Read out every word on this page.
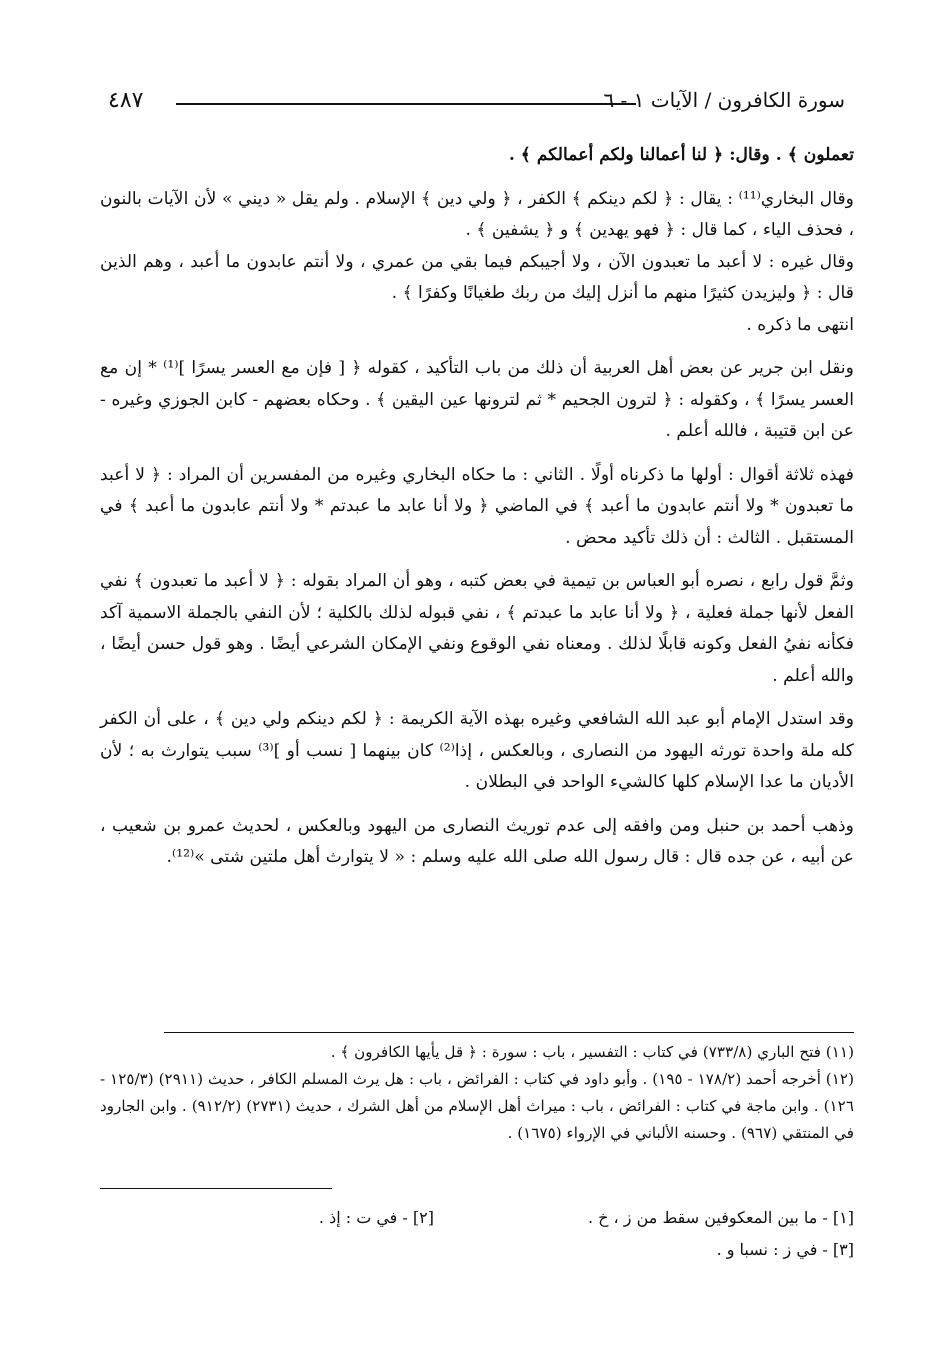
٤٨٧	سورة الكافرون / الآيات ١ - ٦

تعملون ﴾ . وقال: ﴿ لنا أعمالنا ولكم أعمالكم ﴾ .

وقال البخاري⁽¹¹⁾ : يقال : ﴿ لكم دينكم ﴾ الكفر ، ﴿ ولي دين ﴾ الإسلام . ولم يقل « ديني » لأن الآيات بالنون ، فحذف الياء ، كما قال : ﴿ فهو يهدين ﴾ و ﴿ يشفين ﴾ .
وقال غيره : لا أعبد ما تعبدون الآن ، ولا أجيبكم فيما بقي من عمري ، ولا أنتم عابدون ما أعبد ، وهم الذين قال : ﴿ وليزيدن كثيرًا منهم ما أنزل إليك من ربك طغيانًا وكفرًا ﴾ .
انتهى ما ذكره .

ونقل ابن جرير عن بعض أهل العربية أن ذلك من باب التأكيد ، كقوله ﴿ [ فإن مع العسر يسرًا ]⁽¹⁾ * إن مع العسر يسرًا ﴾ ، وكقوله : ﴿ لترون الجحيم * ثم لترونها عين اليقين ﴾ . وحكاه بعضهم - كابن الجوزي وغيره - عن ابن قتيبة ، فالله أعلم .

فهذه ثلاثة أقوال : أولها ما ذكرناه أولًا . الثاني : ما حكاه البخاري وغيره من المفسرين أن المراد : ﴿ لا أعبد ما تعبدون * ولا أنتم عابدون ما أعبد ﴾ في الماضي ﴿ ولا أنا عابد ما عبدتم * ولا أنتم عابدون ما أعبد ﴾ في المستقبل . الثالث : أن ذلك تأكيد محض .

وثمَّ قول رابع ، نصره أبو العباس بن تيمية في بعض كتبه ، وهو أن المراد بقوله : ﴿ لا أعبد ما تعبدون ﴾ نفي الفعل لأنها جملة فعلية ، ﴿ ولا أنا عابد ما عبدتم ﴾ ، نفي قبوله لذلك بالكلية ؛ لأن النفي بالجملة الاسمية آكد فكأنه نفيُ الفعل وكونه قابلًا لذلك . ومعناه نفي الوقوع ونفي الإمكان الشرعي أيضًا . وهو قول حسن أيضًا ، والله أعلم .

وقد استدل الإمام أبو عبد الله الشافعي وغيره بهذه الآية الكريمة : ﴿ لكم دينكم ولي دين ﴾ ، على أن الكفر كله ملة واحدة تورثه اليهود من النصارى ، وبالعكس ، إذا⁽²⁾ كان بينهما [ نسب أو ]⁽³⁾ سبب يتوارث به ؛ لأن الأديان ما عدا الإسلام كلها كالشيء الواحد في البطلان .

وذهب أحمد بن حنبل ومن وافقه إلى عدم توريث النصارى من اليهود وبالعكس ، لحديث عمرو بن شعيب ، عن أبيه ، عن جده قال : قال رسول الله صلى الله عليه وسلم : « لا يتوارث أهل ملتين شتى »⁽¹²⁾.

(١١) فتح الباري (٧٣٣/٨) في كتاب : التفسير ، باب : سورة : ﴿ قل يأيها الكافرون ﴾ .

(١٢) أخرجه أحمد (١٧٨/٢ - ١٩٥) . وأبو داود في كتاب : الفرائض ، باب : هل يرث المسلم الكافر ، حديث (٢٩١١) (١٢٥/٣ - ١٢٦) . وابن ماجة في كتاب : الفرائض ، باب : ميراث أهل الإسلام من أهل الشرك ، حديث (٢٧٣١) (٩١٢/٢) . وابن الجارود في المنتقي (٩٦٧) . وحسنه الألباني في الإرواء (١٦٧٥) .

[١] - ما بين المعكوفين سقط من ز ، خ .
[٢] - في ت : إذ .
[٣] - في ز : نسبا و .
